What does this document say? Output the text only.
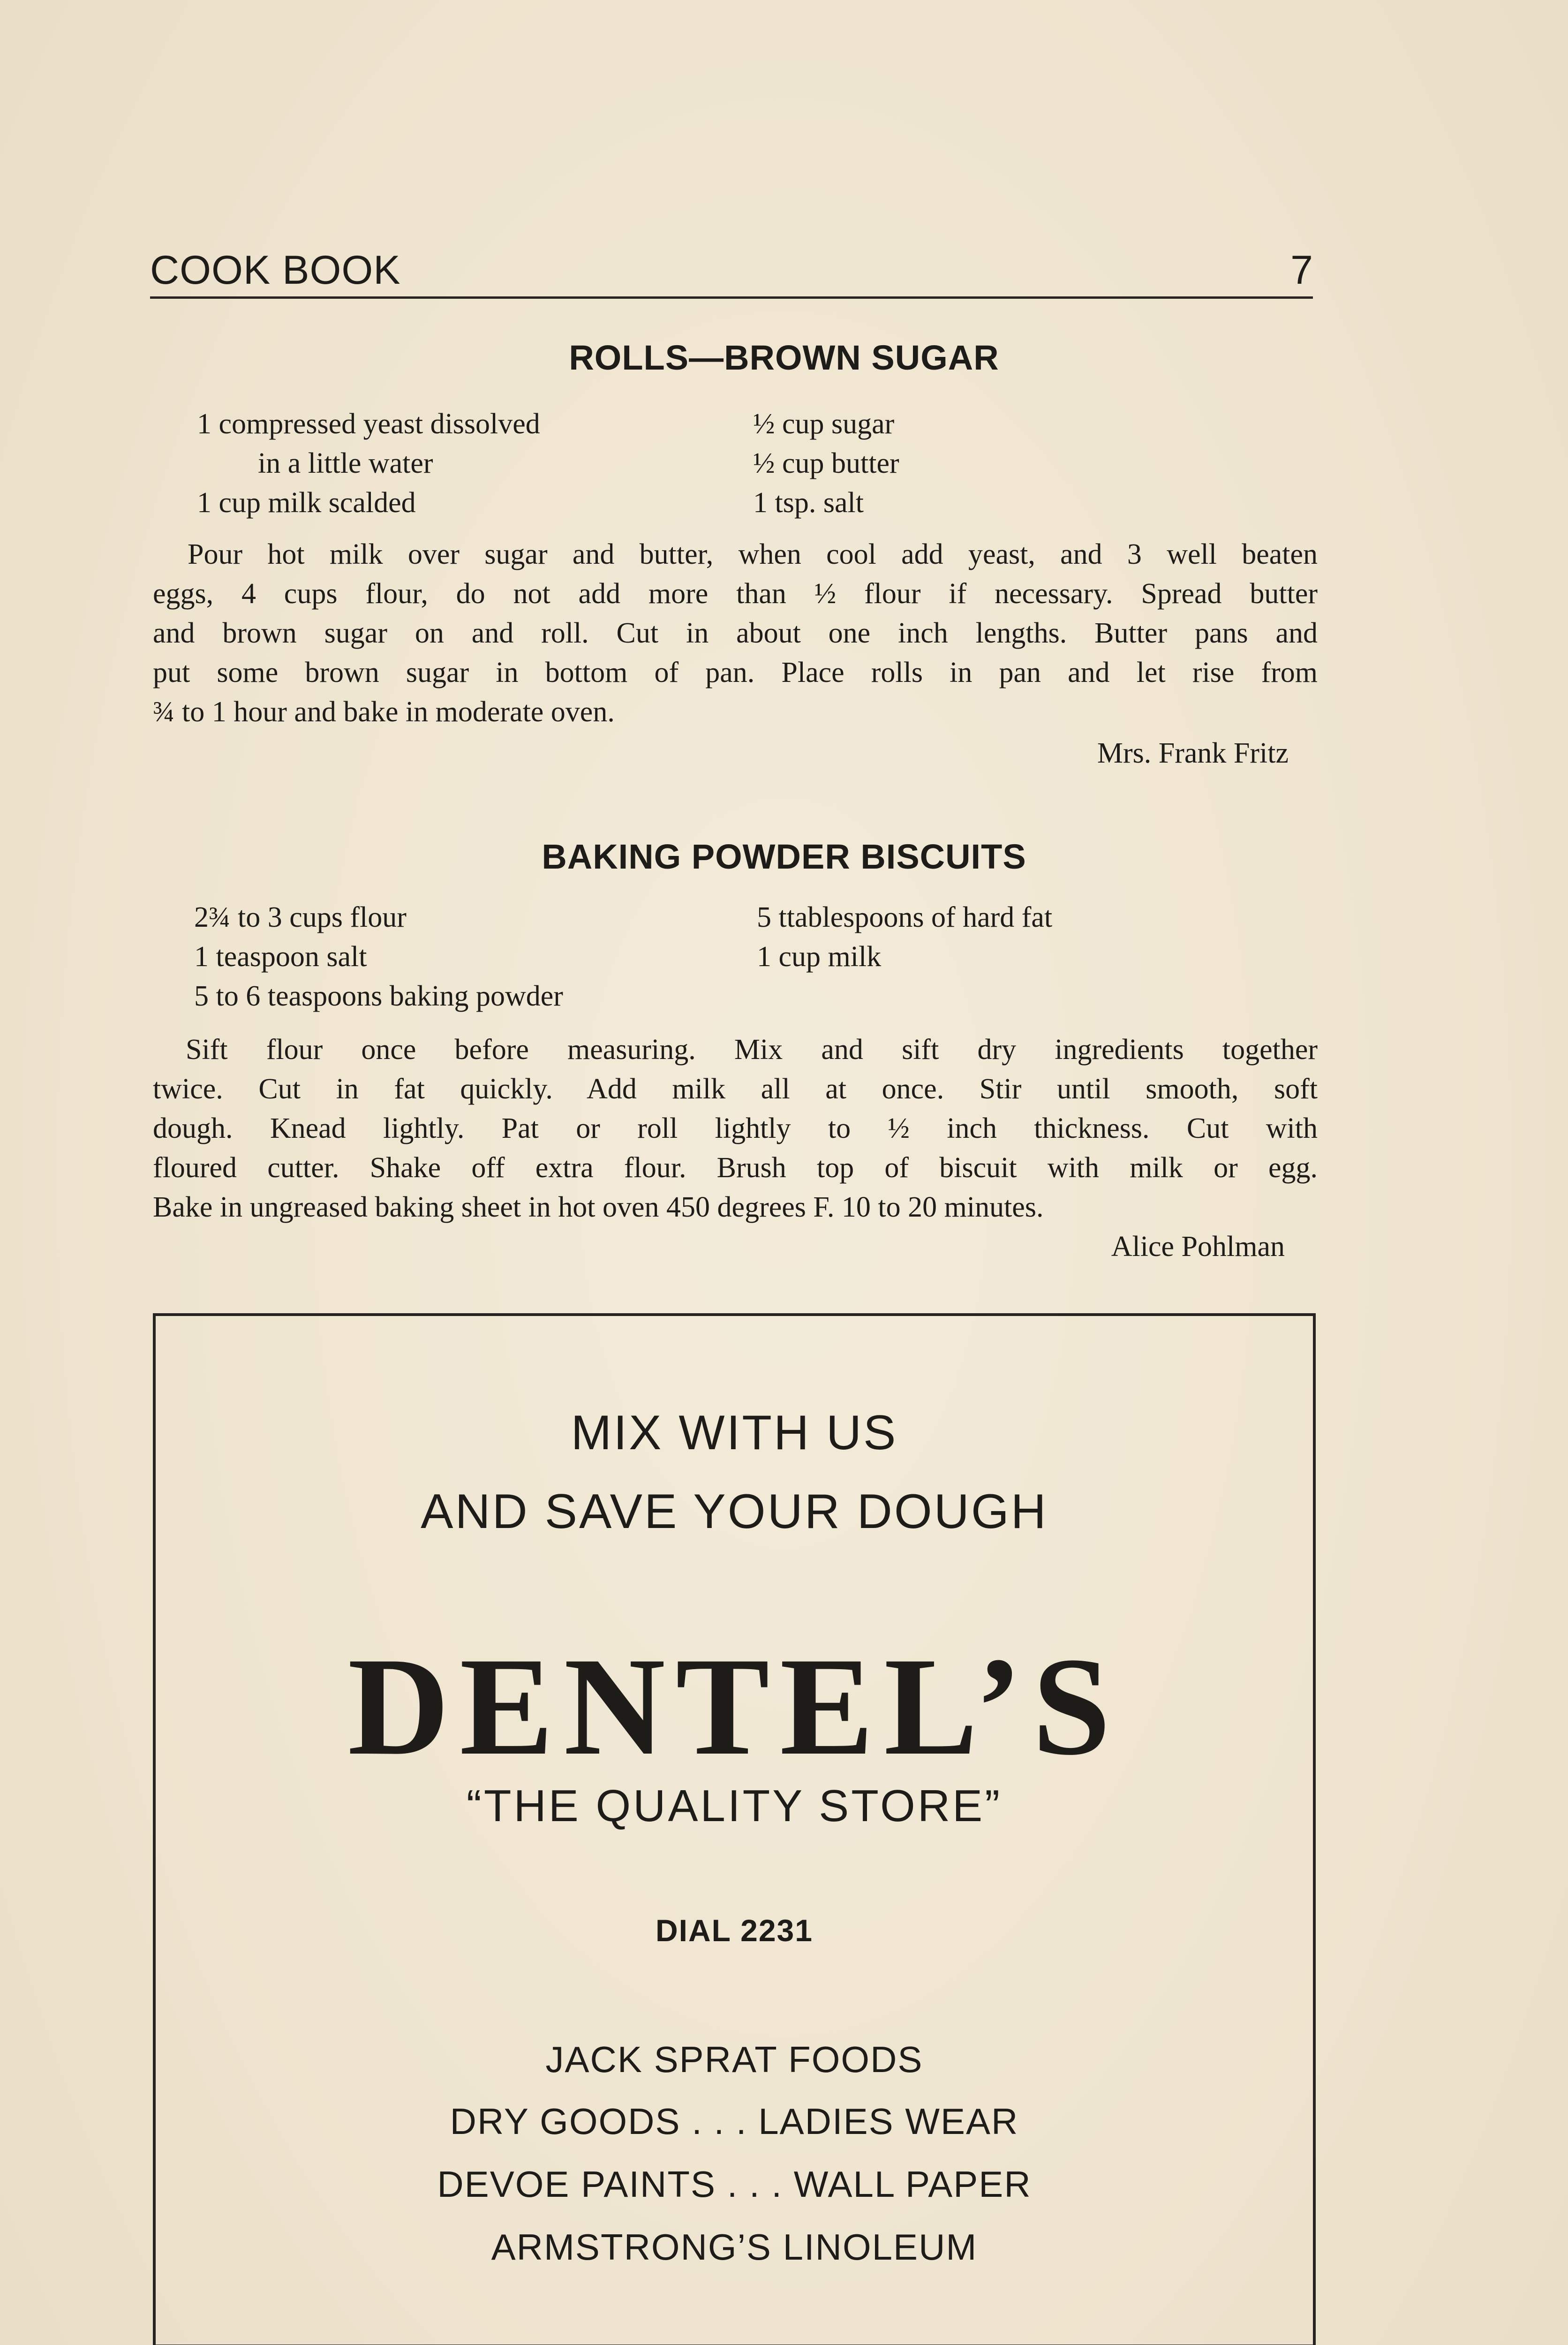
COOK BOOK	7
ROLLS—BROWN SUGAR
1 compressed yeast dissolved
in a little water
1 cup milk scalded
½ cup sugar
½ cup butter
1 tsp. salt
Pour hot milk over sugar and butter, when cool add yeast, and 3 well beaten
eggs, 4 cups flour, do not add more than ½ flour if necessary. Spread butter
and brown sugar on and roll. Cut in about one inch lengths. Butter pans and
put some brown sugar in bottom of pan. Place rolls in pan and let rise from
¾ to 1 hour and bake in moderate oven.
Mrs. Frank Fritz
BAKING POWDER BISCUITS
2¾ to 3 cups flour
1 teaspoon salt
5 to 6 teaspoons baking powder
5 ttablespoons of hard fat
1 cup milk
Sift flour once before measuring. Mix and sift dry ingredients together
twice. Cut in fat quickly. Add milk all at once. Stir until smooth, soft
dough. Knead lightly. Pat or roll lightly to ½ inch thickness. Cut with
floured cutter. Shake off extra flour. Brush top of biscuit with milk or egg.
Bake in ungreased baking sheet in hot oven 450 degrees F. 10 to 20 minutes.
Alice Pohlman
MIX WITH US
AND SAVE YOUR DOUGH
DENTEL’S
“THE QUALITY STORE”
DIAL 2231
JACK SPRAT FOODS
DRY GOODS . . . LADIES WEAR
DEVOE PAINTS . . . WALL PAPER
ARMSTRONG’S LINOLEUM
